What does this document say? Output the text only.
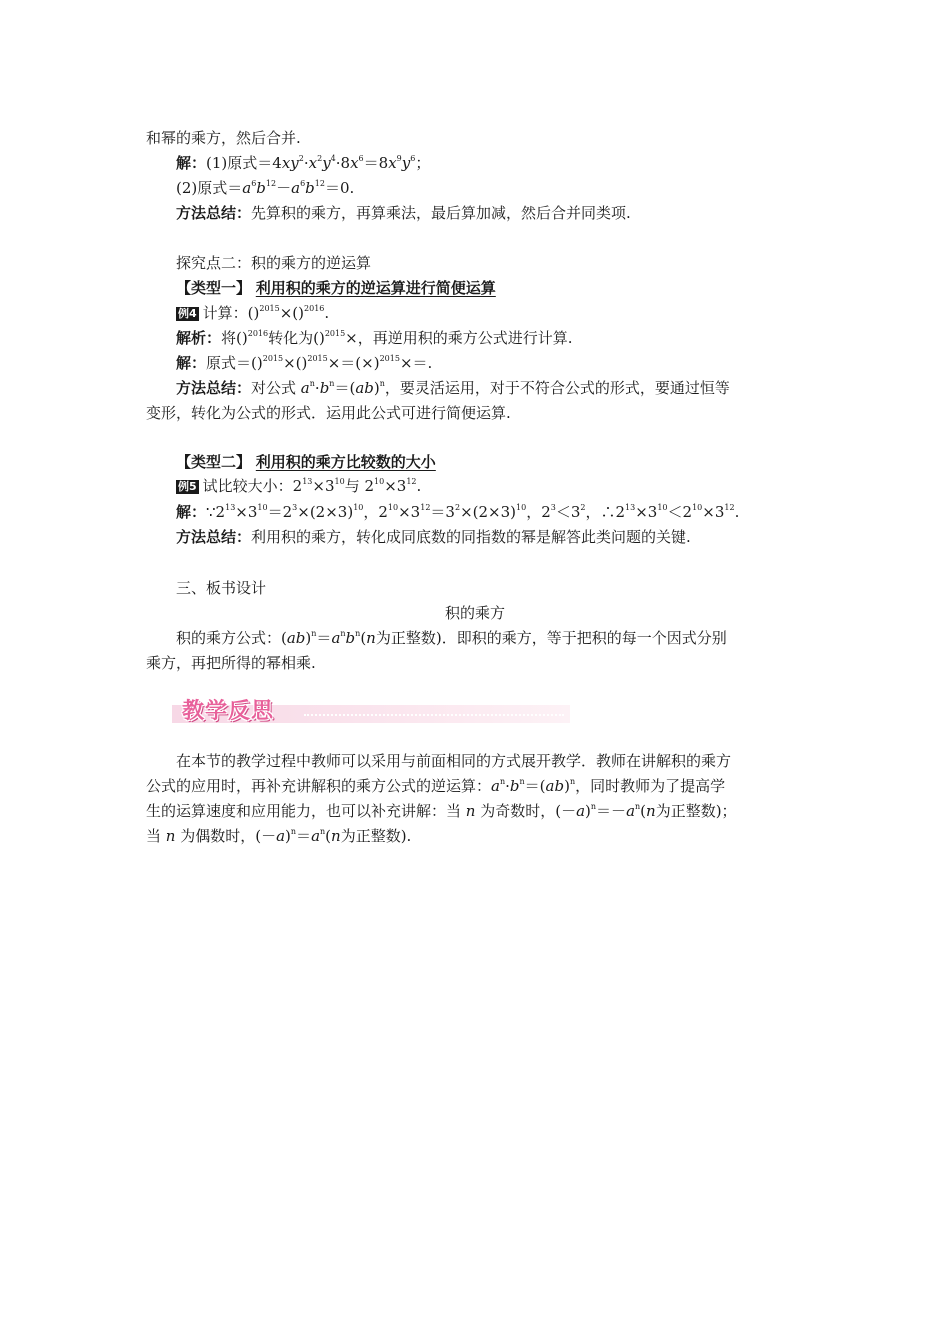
和幂的乘方，然后合并.
解：(1)原式$=4xy^2\cdot x^2y^4\cdot 8x^6=8x^9y^6$；
(2)原式$=a^6b^{12}-a^6b^{12}=0$.
方法总结：先算积的乘方，再算乘法，最后算加减，然后合并同类项.
探究点二：积的乘方的逆运算
【类型一】 利用积的乘方的逆运算进行简便运算
例4 计算：()$^{2015}$×()$^{2016}$.
解析：将()$^{2016}$转化为()$^{2015}$×，再逆用积的乘方公式进行计算.
解：原式$=()^{2015}\times()^{2015}\times=(\times)^{2015}\times=$.
方法总结：对公式 $a^n\cdot b^n=(ab)^n$，要灵活运用，对于不符合公式的形式，要通过恒等
变形，转化为公式的形式．运用此公式可进行简便运算.
【类型二】 利用积的乘方比较数的大小
例5 试比较大小：$2^{13}\times 3^{10}$与 $2^{10}\times 3^{12}$.
解：$\because 2^{13}\times 3^{10}=2^3\times(2\times 3)^{10}$，$2^{10}\times 3^{12}=3^2\times(2\times 3)^{10}$，$2^3<3^2$，$\therefore 2^{13}\times 3^{10}<2^{10}\times 3^{12}$.
方法总结：利用积的乘方，转化成同底数的同指数的幂是解答此类问题的关键.
三、板书设计
积的乘方
积的乘方公式：$(ab)^n=a^nb^n(n$为正整数)．即积的乘方，等于把积的每一个因式分别
乘方，再把所得的幂相乘.
教学反思
在本节的教学过程中教师可以采用与前面相同的方式展开教学．教师在讲解积的乘方
公式的应用时，再补充讲解积的乘方公式的逆运算：$a^n\cdot b^n=(ab)^n$，同时教师为了提高学
生的运算速度和应用能力，也可以补充讲解：当 n 为奇数时，$(-a)^n=-a^n(n$为正整数)；
当 n 为偶数时，$(-a)^n=a^n(n$为正整数).
